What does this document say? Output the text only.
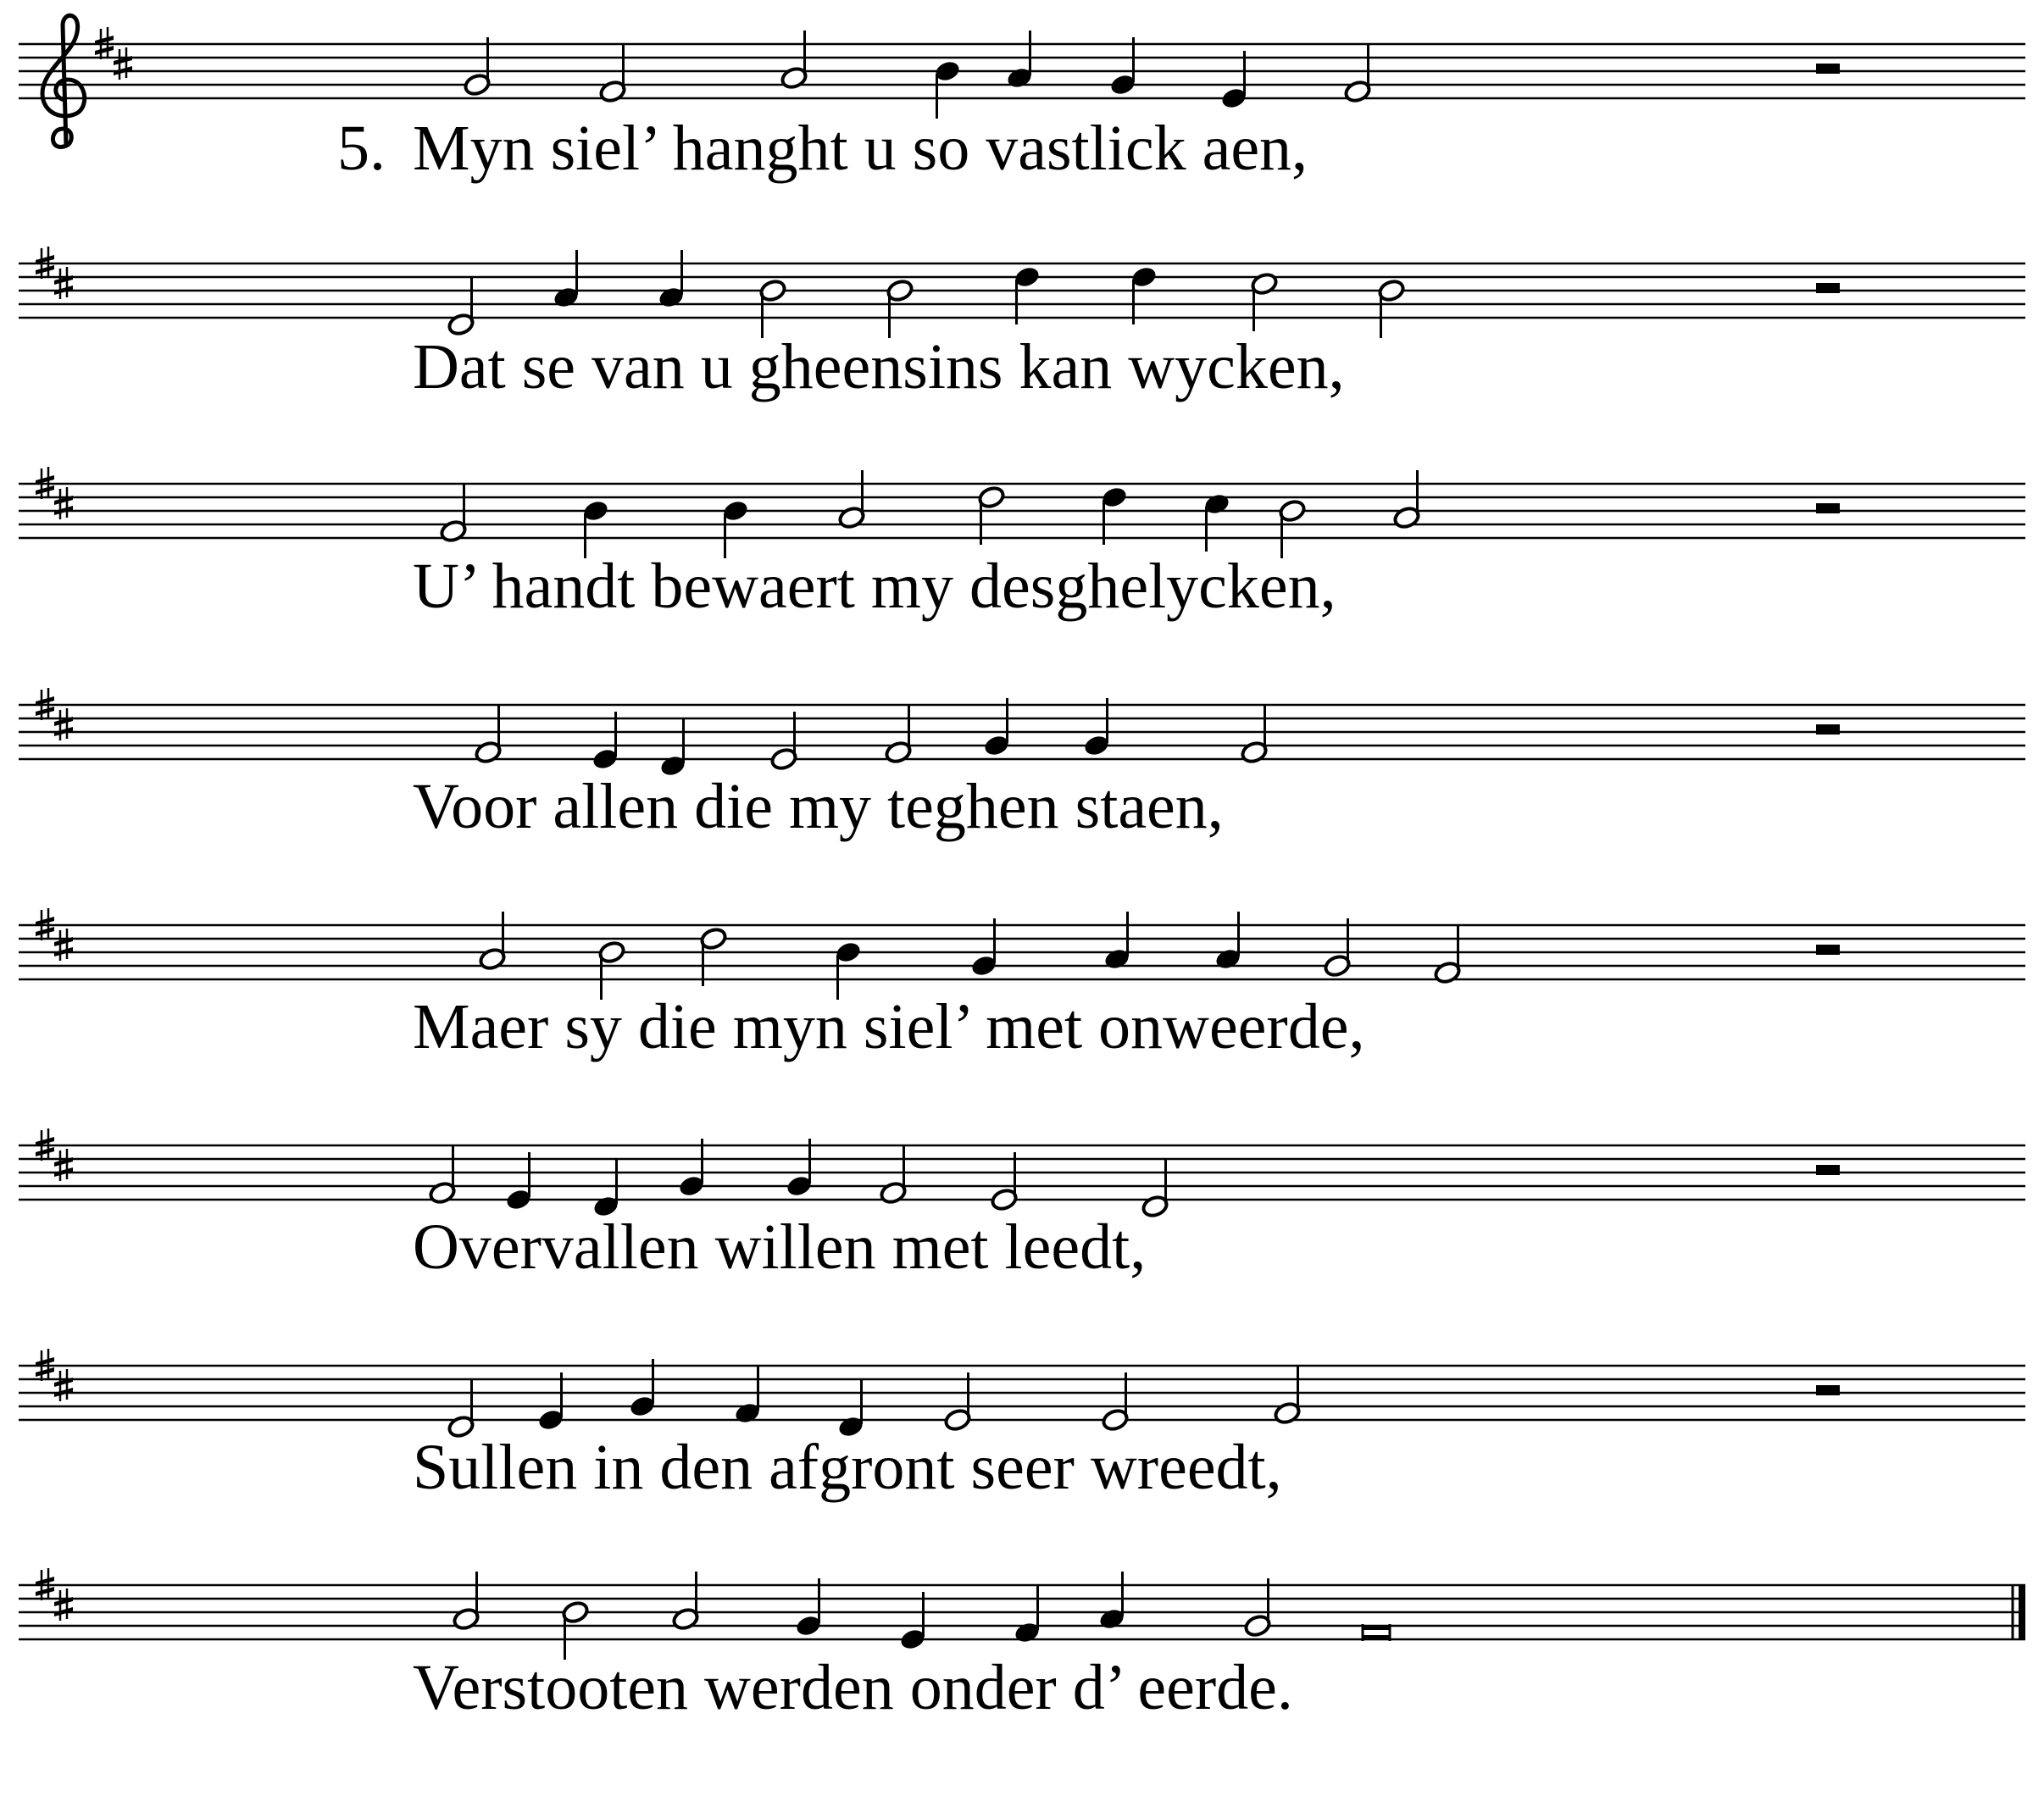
Myn siel’ hanght u so vastlick aen,
Dat se van u gheensins kan wycken,
U’ handt bewaert my desghelycken,
Voor allen die my teghen staen,
Maer sy die myn siel’ met onweerde,
Overvallen willen met leedt,
Sullen in den afgront seer wreedt,
Verstooten werden onder d’ eerde.
5.
